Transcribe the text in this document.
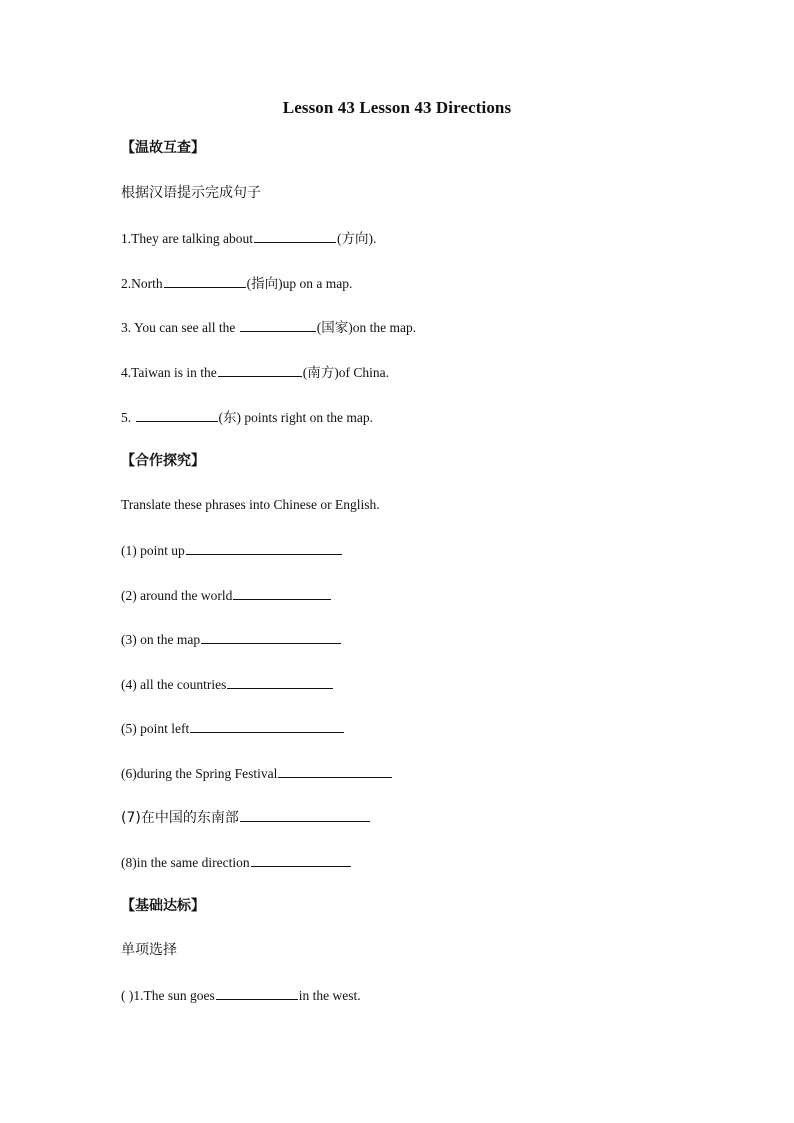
Lesson 43 Lesson 43 Directions
【温故互查】
根据汉语提示完成句子
1.They are talking about	(方向).
2.North	(指向)up on a map.
3. You can see all the	(国家)on the map.
4.Taiwan is in the	(南方)of China.
5.	(东) points right on the map.
【合作探究】
Translate these phrases into Chinese or English.
(1) point up
(2) around the world
(3) on the map
(4) all the countries
(5) point left
(6)during the Spring Festival
(7)在中国的东南部
(8)in the same direction
【基础达标】
单项选择
( )1.The sun goes	in the west.
